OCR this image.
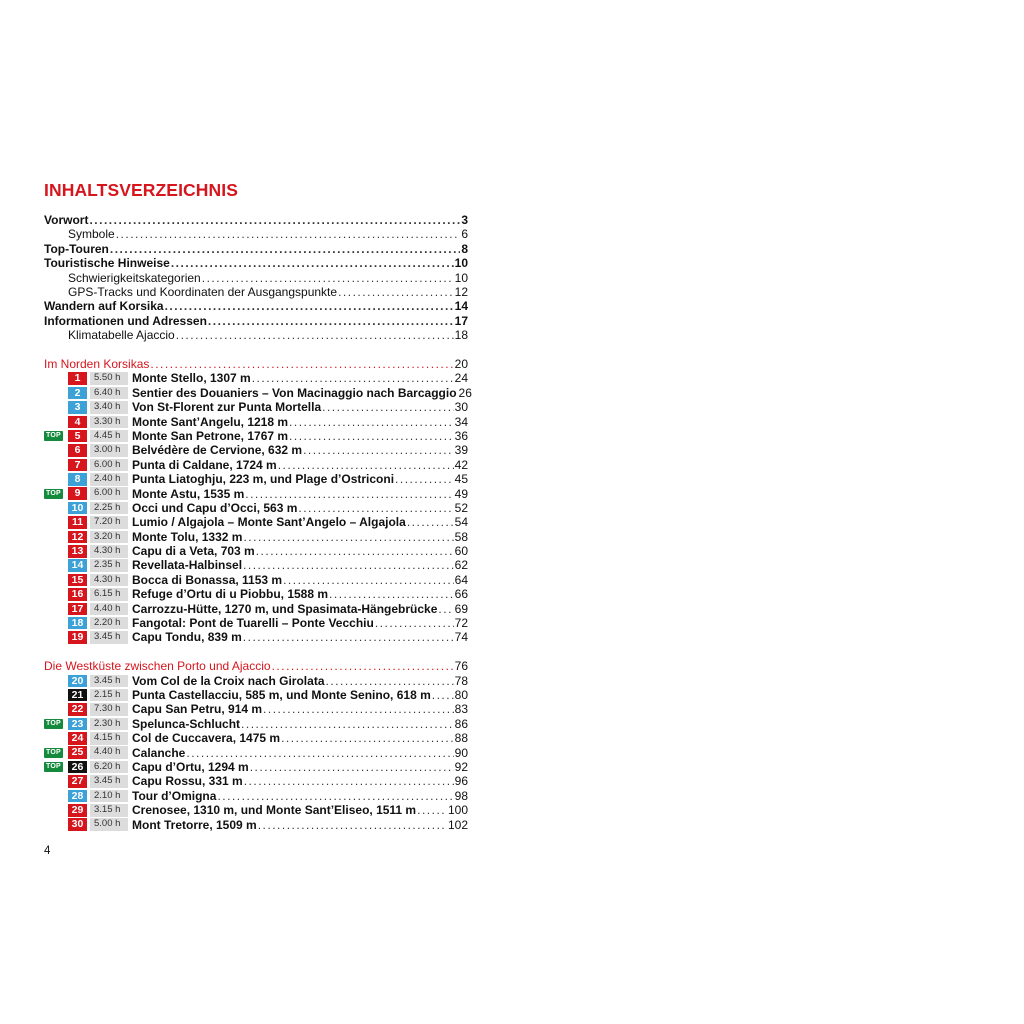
INHALTSVERZEICHNIS
Vorwort .....	3
Symbole .....	6
Top-Touren .....	8
Touristische Hinweise .....	10
Schwierigkeitskategorien .....	10
GPS-Tracks und Koordinaten der Ausgangspunkte .....	12
Wandern auf Korsika .....	14
Informationen und Adressen .....	17
Klimatabelle Ajaccio .....	18
Im Norden Korsikas .....	20
1	5.50 h Monte Stello, 1307 m .....	24
2	6.40 h Sentier des Douaniers – Von Macinaggio nach Barcaggio 26
3	3.40 h Von St-Florent zur Punta Mortella .....	30
4	3.30 h Monte Sant’Angelu, 1218 m .....	34
TOP	5	4.45 h Monte San Petrone, 1767 m .....	36
6	3.00 h Belvédère de Cervione, 632 m .....	39
7	6.00 h Punta di Caldane, 1724 m .....	42
8	2.40 h Punta Liatoghju, 223 m, und Plage d’Ostriconi .....	45
TOP	9	6.00 h Monte Astu, 1535 m .....	49
10	2.25 h Occi und Capu d’Occi, 563 m .....	52
11	7.20 h Lumio / Algajola – Monte Sant’Angelo – Algajola .....	54
12	3.20 h Monte Tolu, 1332 m .....	58
13	4.30 h Capu di a Veta, 703 m .....	60
14	2.35 h Revellata-Halbinsel .....	62
15	4.30 h Bocca di Bonassa, 1153 m .....	64
16	6.15 h Refuge d’Ortu di u Piobbu, 1588 m .....	66
17	4.40 h Carrozzu-Hütte, 1270 m, und Spasimata-Hängebrücke ..... 69
18	2.20 h Fangotal: Pont de Tuarelli – Ponte Vecchiu .....	72
19	3.45 h Capu Tondu, 839 m .....	74
Die Westküste zwischen Porto und Ajaccio .....	76
20	3.45 h Vom Col de la Croix nach Girolata .....	78
21	2.15 h Punta Castellacciu, 585 m, und Monte Senino, 618 m ..... 80
22	7.30 h Capu San Petru, 914 m .....	83
TOP	23	2.30 h Spelunca-Schlucht .....	86
24	4.15 h Col de Cuccavera, 1475 m .....	88
TOP	25	4.40 h Calanche .....	90
TOP	26	6.20 h Capu d’Ortu, 1294 m .....	92
27	3.45 h Capu Rossu, 331 m .....	96
28	2.10 h Tour d’Omigna .....	98
29	3.15 h Crenosee, 1310 m, und Monte Sant’Eliseo, 1511 m .....	100
30	5.00 h Mont Tretorre, 1509 m .....	102
4
